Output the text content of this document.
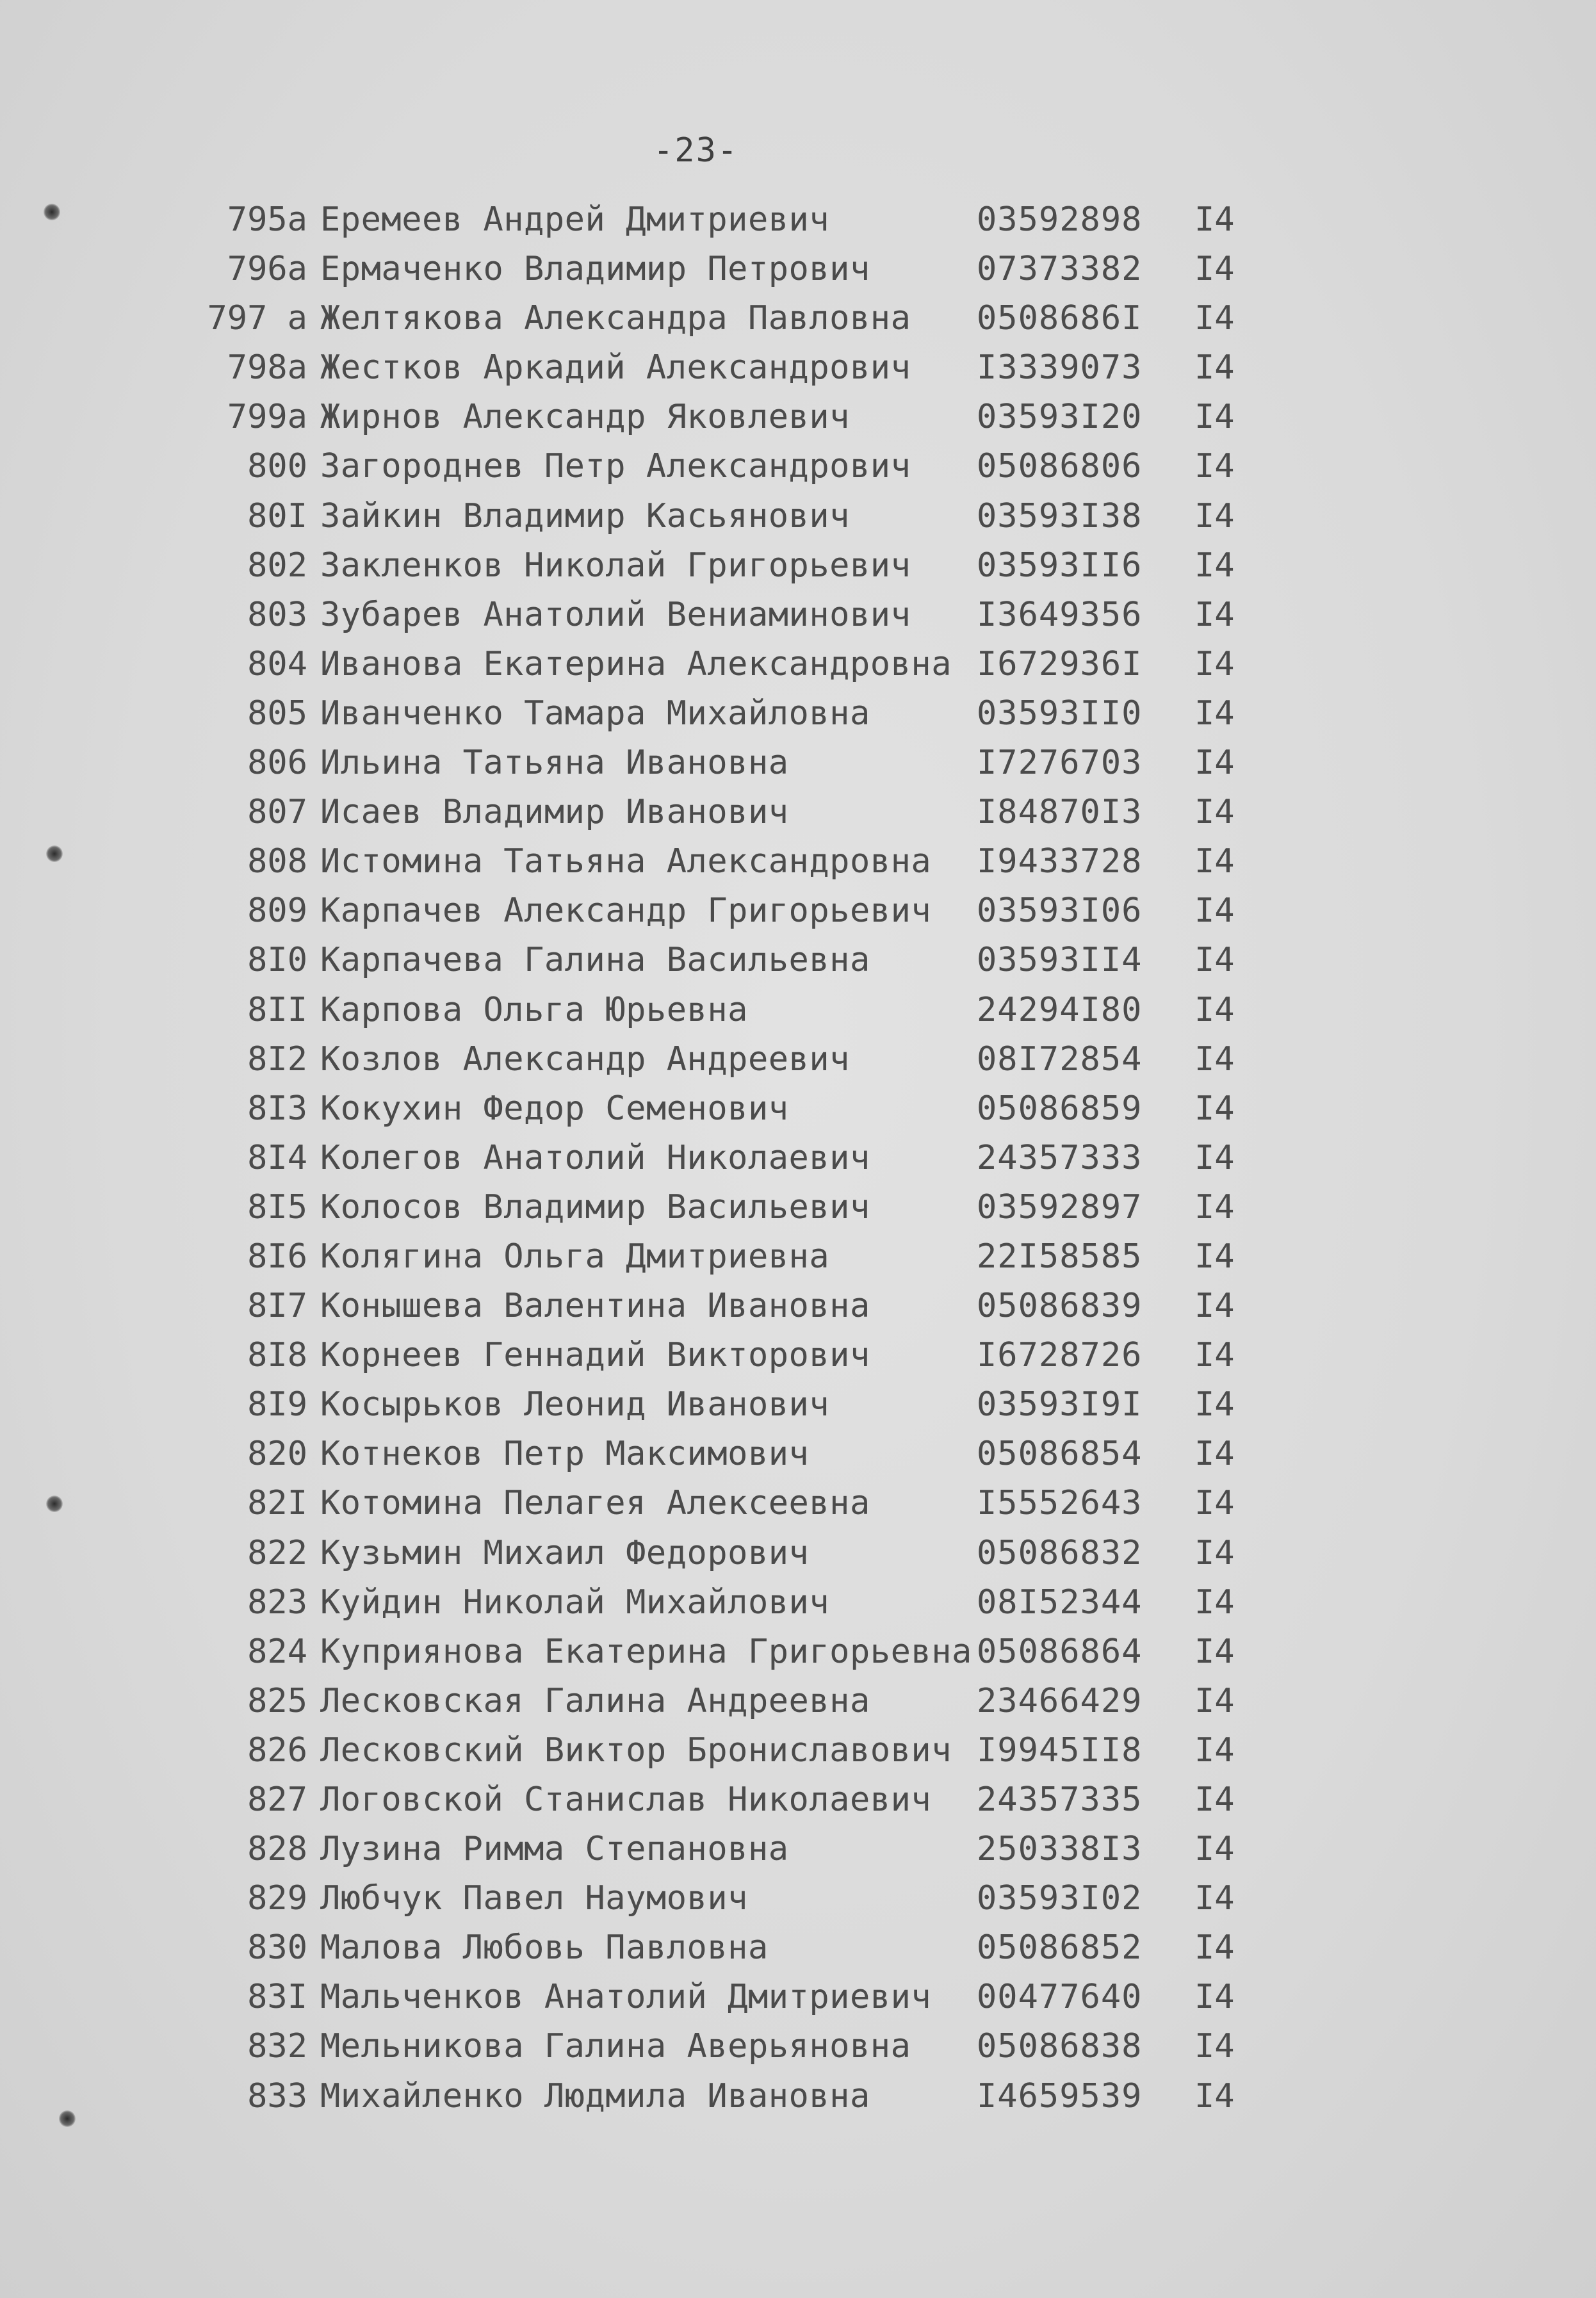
-23-
795a Еремеев Андрей Дмитриевич	03592898 I4
796a Ермаченко Владимир Петрович	07373382 I4
797 а Желтякова Александра Павловна 0508686I I4
798a Жестков Аркадий Александрович I3339073 I4
799a Жирнов Александр Яковлевич	03593I20 I4
800 Загороднев Петр Александрович 05086806 I4
80I Зайкин Владимир Касьянович	03593I38 I4
802 Закленков Николай Григорьевич 03593II6 I4
803 Зубарев Анатолий Вениаминович I3649356 I4
804 Иванова Екатерина Александровна I672936I I4
805 Иванченко Тамара Михайловна	03593II0 I4
806 Ильина Татьяна Ивановна	I7276703 I4
807 Исаев Владимир Иванович	I84870I3 I4
808 Истомина Татьяна Александровна I9433728 I4
809 Карпачев Александр Григорьевич 03593I06 I4
8I0 Карпачева Галина Васильевна	03593II4 I4
8II Карпова Ольга Юрьевна	24294I80 I4
8I2 Козлов Александр Андреевич	08I72854 I4
8I3 Кокухин Федор Семенович	05086859 I4
8I4 Колегов Анатолий Николаевич	24357333 I4
8I5 Колосов Владимир Васильевич	03592897 I4
8I6 Колягина Ольга Дмитриевна	22I58585 I4
8I7 Конышева Валентина Ивановна	05086839 I4
8I8 Корнеев Геннадий Викторович	I6728726 I4
8I9 Косырьков Леонид Иванович	03593I9I I4
820 Котнеков Петр Максимович	05086854 I4
82I Котомина Пелагея Алексеевна	I5552643 I4
822 Кузьмин Михаил Федорович	05086832 I4
823 Куйдин Николай Михайлович	08I52344 I4
824 Куприянова Екатерина Григорьевна 05086864 I4
825 Лесковская Галина Андреевна	23466429 I4
826 Лесковский Виктор Брониславович I9945II8 I4
827 Логовской Станислав Николаевич 24357335 I4
828 Лузина Римма Степановна	250338I3 I4
829 Любчук Павел Наумович	03593I02 I4
830 Малова Любовь Павловна	05086852 I4
83I Мальченков Анатолий Дмитриевич 00477640 I4
832 Мельникова Галина Аверьяновна 05086838 I4
833 Михайленко Людмила Ивановна	I4659539 I4
